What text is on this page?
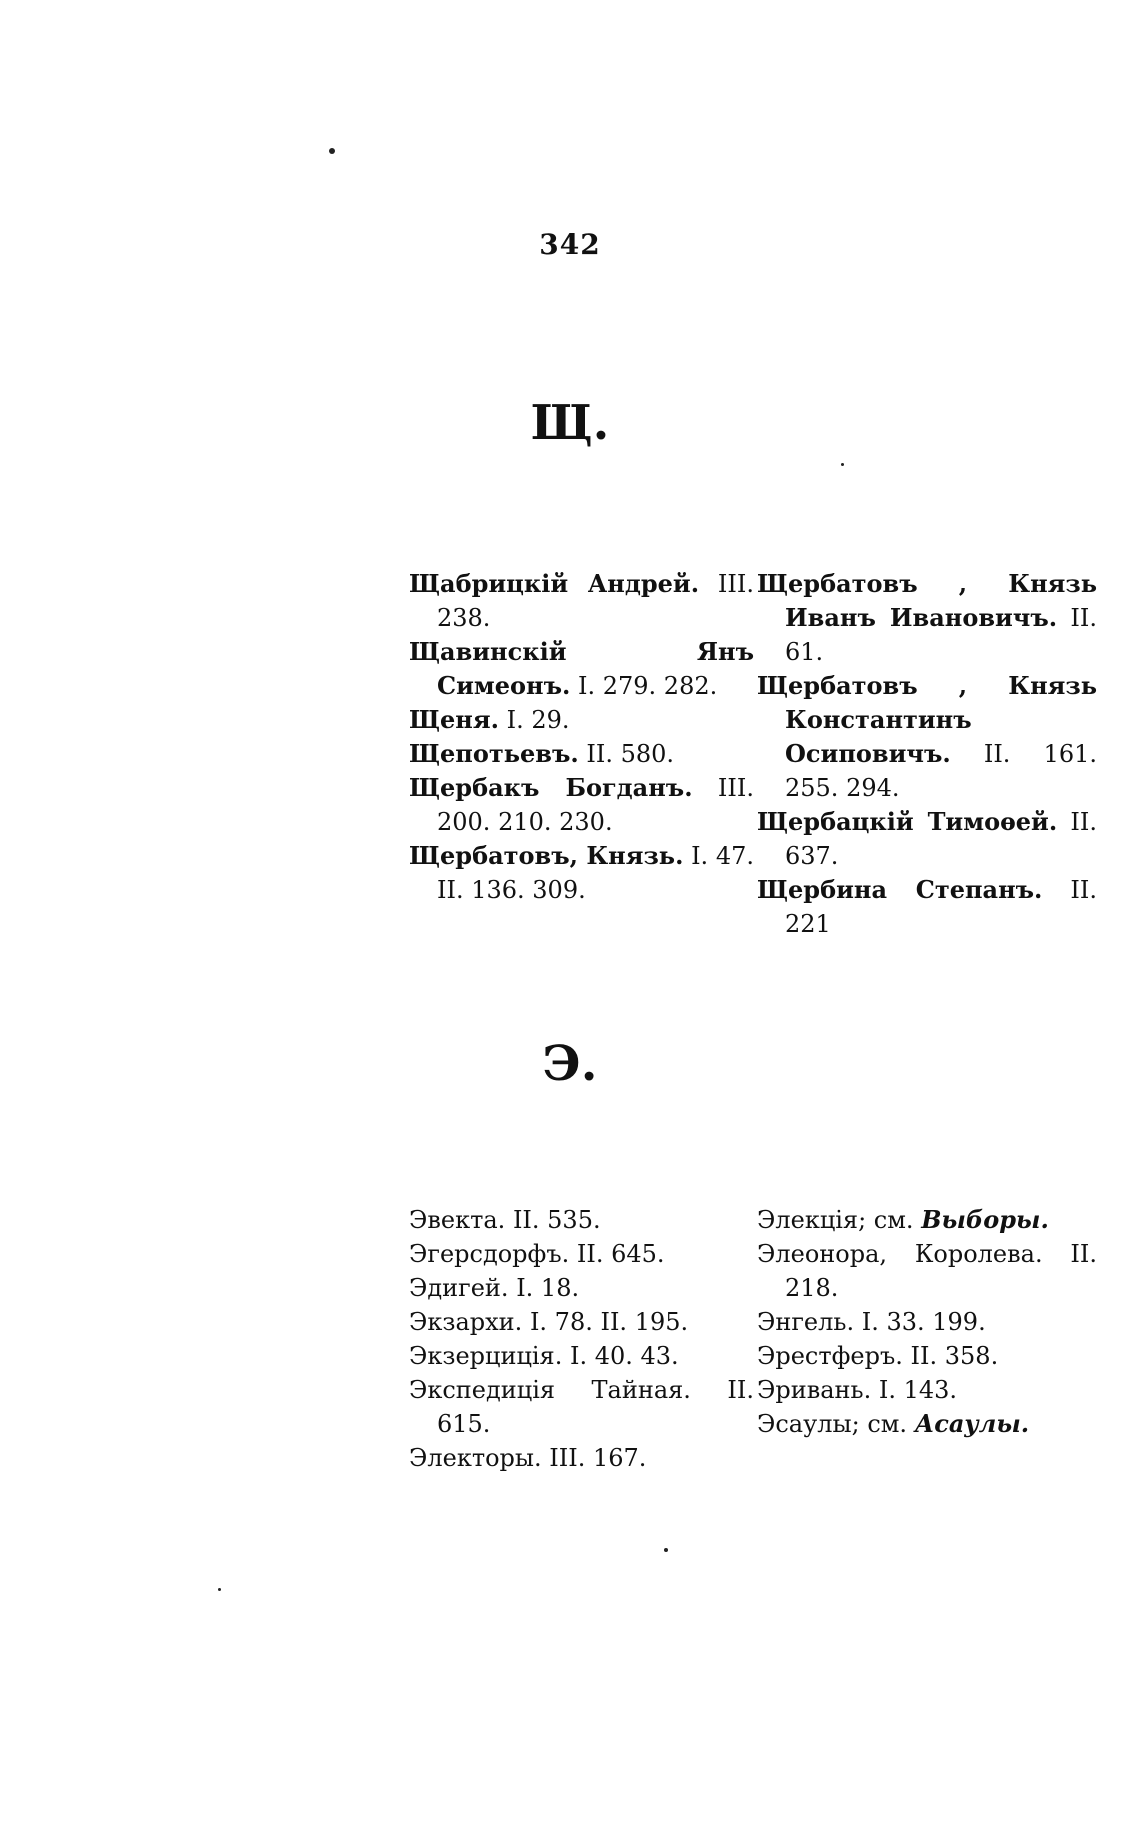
342
Щ.

Щабрицкій Андрей. III. 238.

Щавинскій Янъ Симеонъ. I. 279. 282.

Щеня. I. 29.

Щепотьевъ. II. 580.

Щербакъ Богданъ. III. 200. 210. 230.

Щербатовъ, Князь. I. 47. II. 136. 309.

Щербатовъ , Князь Иванъ Ивановичъ. II. 61.

Щербатовъ , Князь Константинъ Осиповичъ. II. 161. 255. 294.

Щербацкій Тимоѳей. II. 637.

Щербина Степанъ. II. 221

Э.

Эвекта. II. 535.

Эгерсдорфъ. II. 645.

Эдигей. I. 18.

Экзархи. I. 78. II. 195.

Экзерциція. I. 40. 43.

Экспедиція Тайная. II. 615.

Электоры. III. 167.

Элекція; см. Выборы.

Элеонора, Королева. II. 218.

Энгель. I. 33. 199.

Эрестферъ. II. 358.

Эривань. I. 143.

Эсаулы; см. Асаулы.
